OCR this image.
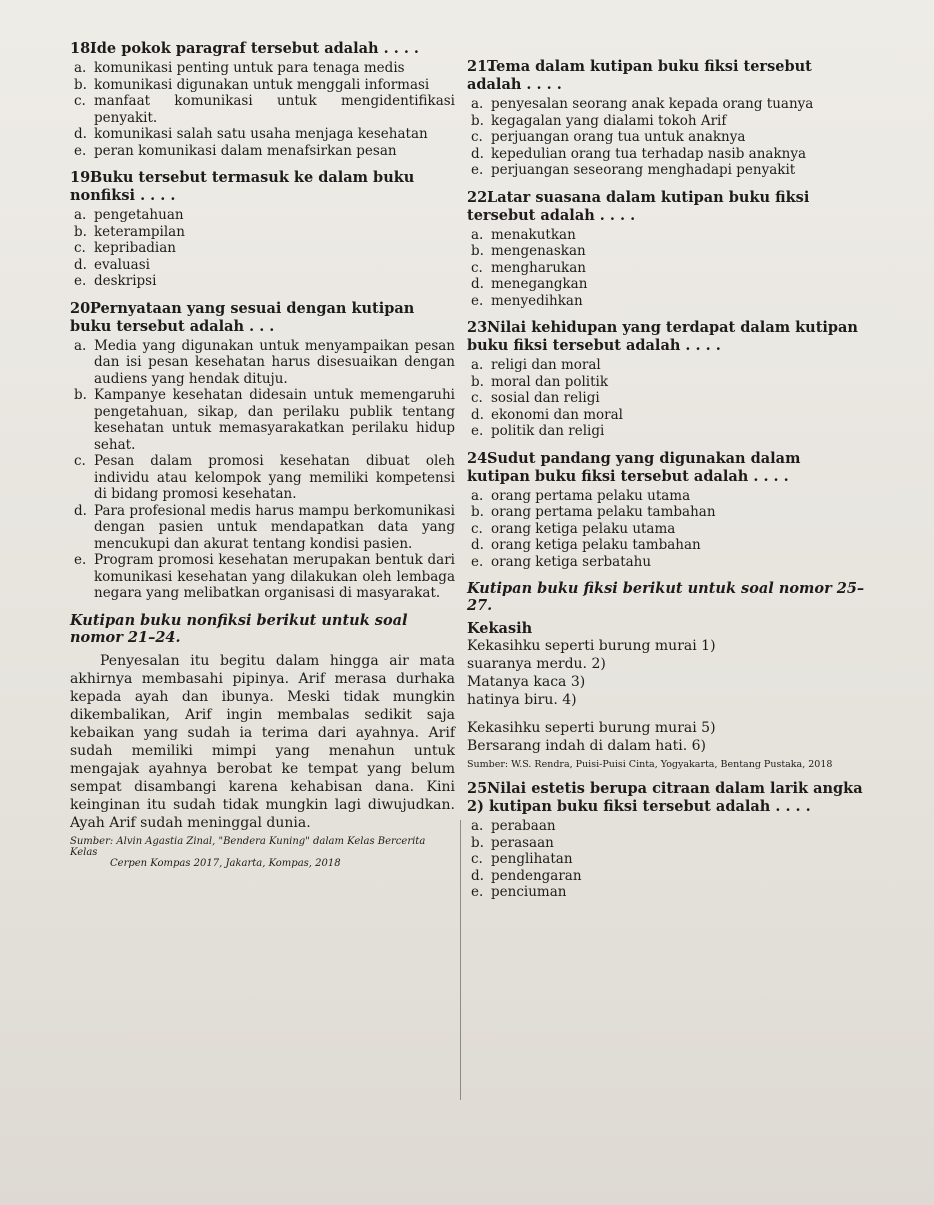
18.Ide pokok paragraf tersebut adalah . . . .
a. komunikasi penting untuk para tenaga medis
b. komunikasi digunakan untuk menggali informasi
c. manfaat komunikasi untuk mengidentifikasi penyakit.
d. komunikasi salah satu usaha menjaga kesehatan
e. peran komunikasi dalam menafsirkan pesan
19.Buku tersebut termasuk ke dalam buku nonfiksi . . . .
a. pengetahuan
b. keterampilan
c. kepribadian
d. evaluasi
e. deskripsi
20.Pernyataan yang sesuai dengan kutipan buku tersebut adalah . . .
a. Media yang digunakan untuk menyampaikan pesan dan isi pesan kesehatan harus disesuaikan dengan audiens yang hendak dituju.
b. Kampanye kesehatan didesain untuk memengaruhi pengetahuan, sikap, dan perilaku publik tentang kesehatan untuk memasyarakatkan perilaku hidup sehat.
c. Pesan dalam promosi kesehatan dibuat oleh individu atau kelompok yang memiliki kompetensi di bidang promosi kesehatan.
d. Para profesional medis harus mampu berkomunikasi dengan pasien untuk mendapatkan data yang mencukupi dan akurat tentang kondisi pasien.
e. Program promosi kesehatan merupakan bentuk dari komunikasi kesehatan yang dilakukan oleh lembaga negara yang melibatkan organisasi di masyarakat.
Kutipan buku nonfiksi berikut untuk soal nomor 21–24.
Penyesalan itu begitu dalam hingga air mata akhirnya membasahi pipinya. Arif merasa durhaka kepada ayah dan ibunya. Meski tidak mungkin dikembalikan, Arif ingin membalas sedikit saja kebaikan yang sudah ia terima dari ayahnya. Arif sudah memiliki mimpi yang menahun untuk mengajak ayahnya berobat ke tempat yang belum sempat disambangi karena kehabisan dana. Kini keinginan itu sudah tidak mungkin lagi diwujudkan. Ayah Arif sudah meninggal dunia.
Sumber: Alvin Agastia Zinal, "Bendera Kuning" dalam Kelas Bercerita Kelas
Cerpen Kompas 2017, Jakarta, Kompas, 2018
21.Tema dalam kutipan buku fiksi tersebut adalah . . . .
a. penyesalan seorang anak kepada orang tuanya
b. kegagalan yang dialami tokoh Arif
c. perjuangan orang tua untuk anaknya
d. kepedulian orang tua terhadap nasib anaknya
e. perjuangan seseorang menghadapi penyakit
22.Latar suasana dalam kutipan buku fiksi tersebut adalah . . . .
a. menakutkan
b. mengenaskan
c. mengharukan
d. menegangkan
e. menyedihkan
23.Nilai kehidupan yang terdapat dalam kutipan buku fiksi tersebut adalah . . . .
a. religi dan moral
b. moral dan politik
c. sosial dan religi
d. ekonomi dan moral
e. politik dan religi
24.Sudut pandang yang digunakan dalam kutipan buku fiksi tersebut adalah . . . .
a. orang pertama pelaku utama
b. orang pertama pelaku tambahan
c. orang ketiga pelaku utama
d. orang ketiga pelaku tambahan
e. orang ketiga serbatahu
Kutipan buku fiksi berikut untuk soal nomor 25–27.
Kekasih
Kekasihku seperti burung murai 1)
suaranya merdu. 2)
Matanya kaca 3)
hatinya biru. 4)
Kekasihku seperti burung murai 5)
Bersarang indah di dalam hati. 6)
Sumber: W.S. Rendra, Puisi-Puisi Cinta, Yogyakarta, Bentang Pustaka, 2018
25.Nilai estetis berupa citraan dalam larik angka 2) kutipan buku fiksi tersebut adalah . . . .
a. perabaan
b. perasaan
c. penglihatan
d. pendengaran
e. penciuman
